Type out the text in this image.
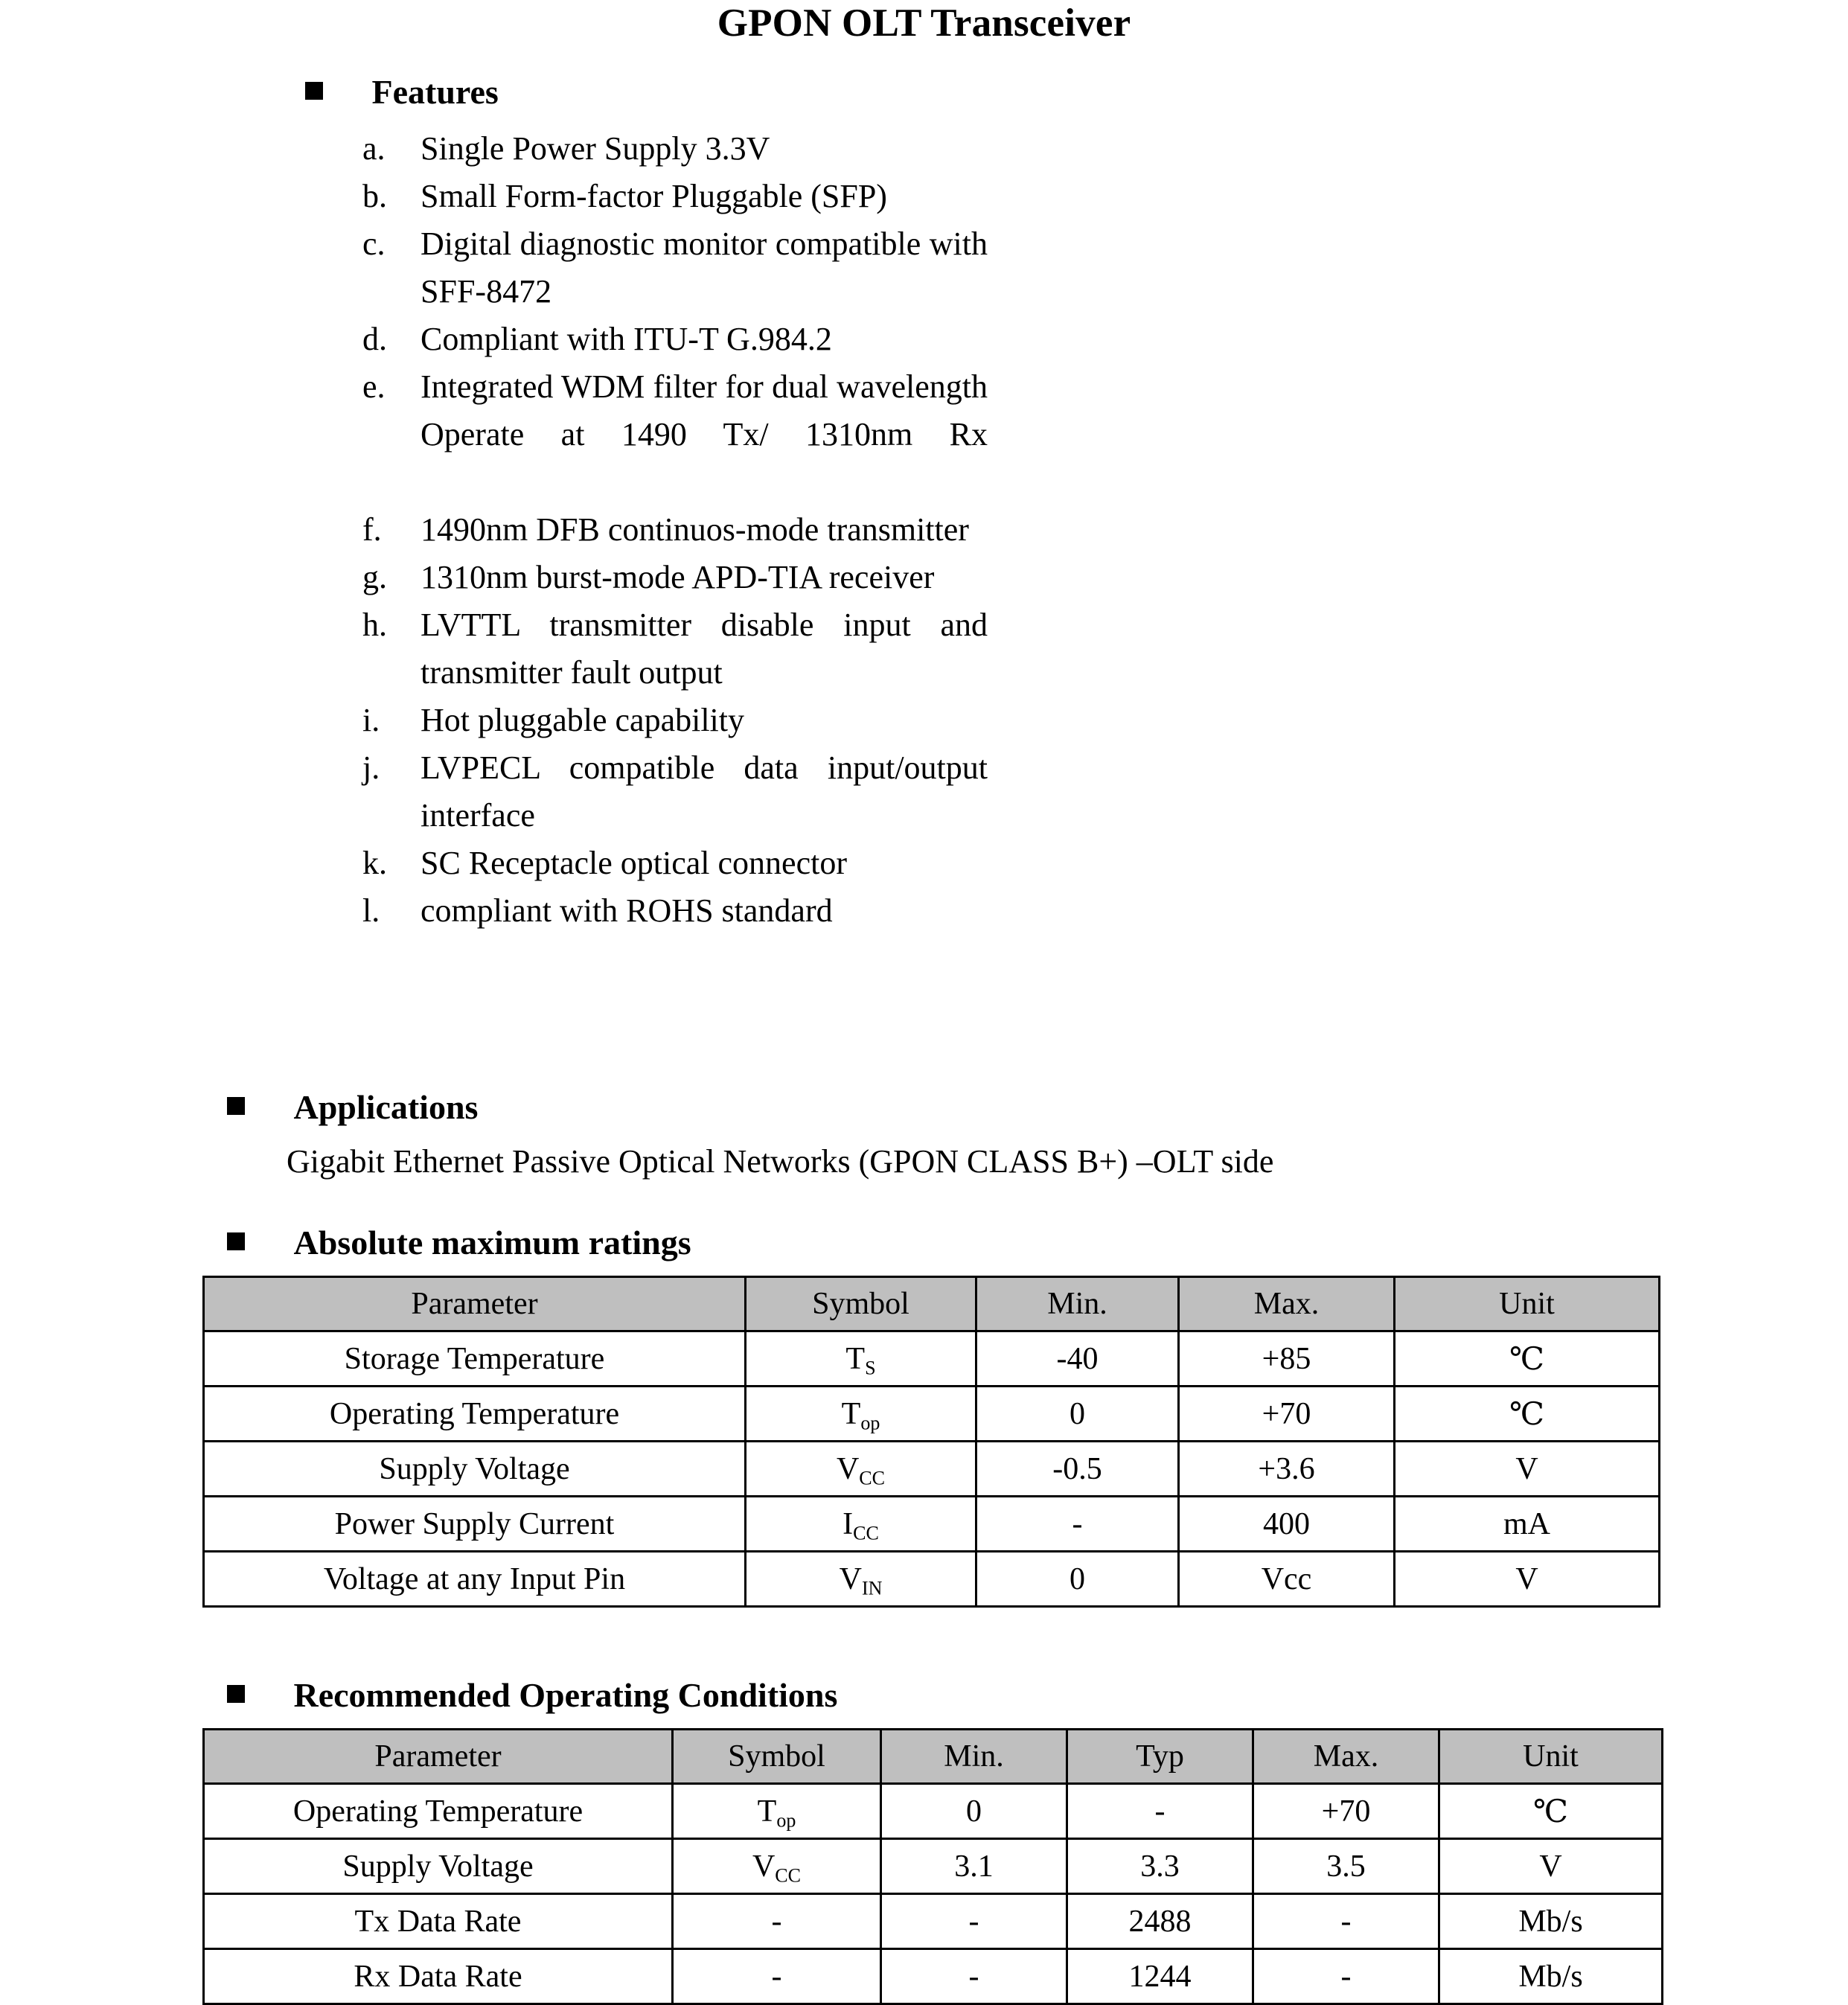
GPON OLT Transceiver
Features
a.	Single Power Supply 3.3V
b.	Small Form-factor Pluggable (SFP)
c.	Digital diagnostic monitor compatible with SFF-8472
d.	Compliant with ITU-T G.984.2
e.	Integrated WDM filter for dual wavelength Operate at 1490 Tx/ 1310nm Rx
f.	1490nm DFB continuos-mode transmitter
g.	1310nm burst-mode APD-TIA receiver
h.	LVTTL transmitter disable input and transmitter fault output
i.	Hot pluggable capability
j.	LVPECL compatible data input/output interface
k.	SC Receptacle optical connector
l.	compliant with ROHS standard
Applications
Gigabit Ethernet Passive Optical Networks (GPON CLASS B+) –OLT side
Absolute maximum ratings
Parameter	Symbol	Min.	Max.	Unit
Storage Temperature	$T_S$	-40	+85	℃
Operating Temperature	$T_{op}$	0	+70	℃
Supply Voltage	$V_{CC}$	-0.5	+3.6	V
Power Supply Current	$I_{CC}$	-	400	mA
Voltage at any Input Pin	$V_{IN}$	0	Vcc	V
Recommended Operating Conditions
Parameter	Symbol	Min.	Typ	Max.	Unit
Operating Temperature	$T_{op}$	0	-	+70	℃
Supply Voltage	$V_{CC}$	3.1	3.3	3.5	V
Tx Data Rate	-	-	2488	-	Mb/s
Rx Data Rate	-	-	1244	-	Mb/s
